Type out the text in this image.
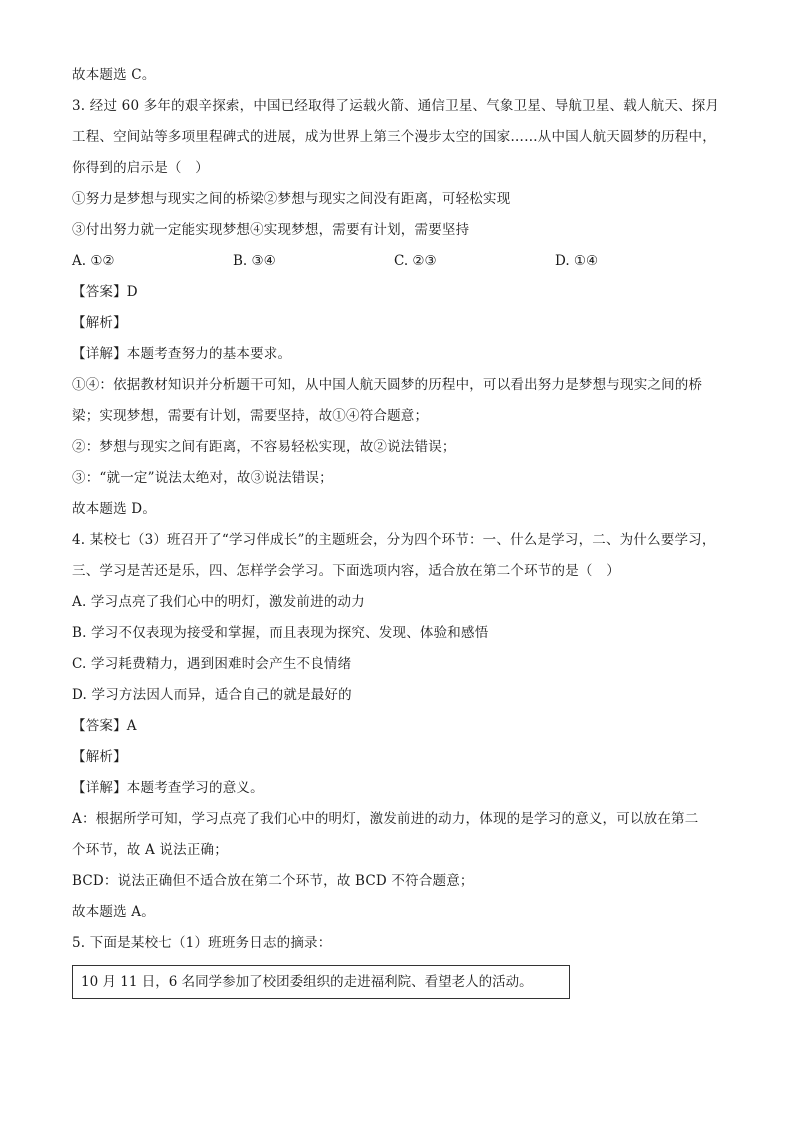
故本题选 C。
3. 经过 60 多年的艰辛探索，中国已经取得了运载火箭、通信卫星、气象卫星、导航卫星、载人航天、探月
工程、空间站等多项里程碑式的进展，成为世界上第三个漫步太空的国家……从中国人航天圆梦的历程中，
你得到的启示是（　）
①努力是梦想与现实之间的桥梁②梦想与现实之间没有距离，可轻松实现
③付出努力就一定能实现梦想④实现梦想，需要有计划，需要坚持
A. ①②	B. ③④	C. ②③	D. ①④
【答案】D
【解析】
【详解】本题考查努力的基本要求。
①④：依据教材知识并分析题干可知，从中国人航天圆梦的历程中，可以看出努力是梦想与现实之间的桥
梁；实现梦想，需要有计划，需要坚持，故①④符合题意；
②：梦想与现实之间有距离，不容易轻松实现，故②说法错误；
③：“就一定”说法太绝对，故③说法错误；
故本题选 D。
4. 某校七（3）班召开了“学习伴成长”的主题班会，分为四个环节：一、什么是学习，二、为什么要学习，
三、学习是苦还是乐，四、怎样学会学习。下面选项内容，适合放在第二个环节的是（　）
A. 学习点亮了我们心中的明灯，激发前进的动力
B. 学习不仅表现为接受和掌握，而且表现为探究、发现、体验和感悟
C. 学习耗费精力，遇到困难时会产生不良情绪
D. 学习方法因人而异，适合自己的就是最好的
【答案】A
【解析】
【详解】本题考查学习的意义。
A：根据所学可知，学习点亮了我们心中的明灯，激发前进的动力，体现的是学习的意义，可以放在第二
个环节，故 A 说法正确；
BCD：说法正确但不适合放在第二个环节，故 BCD 不符合题意；
故本题选 A。
5. 下面是某校七（1）班班务日志的摘录：
10 月 11 日，6 名同学参加了校团委组织的走进福利院、看望老人的活动。
